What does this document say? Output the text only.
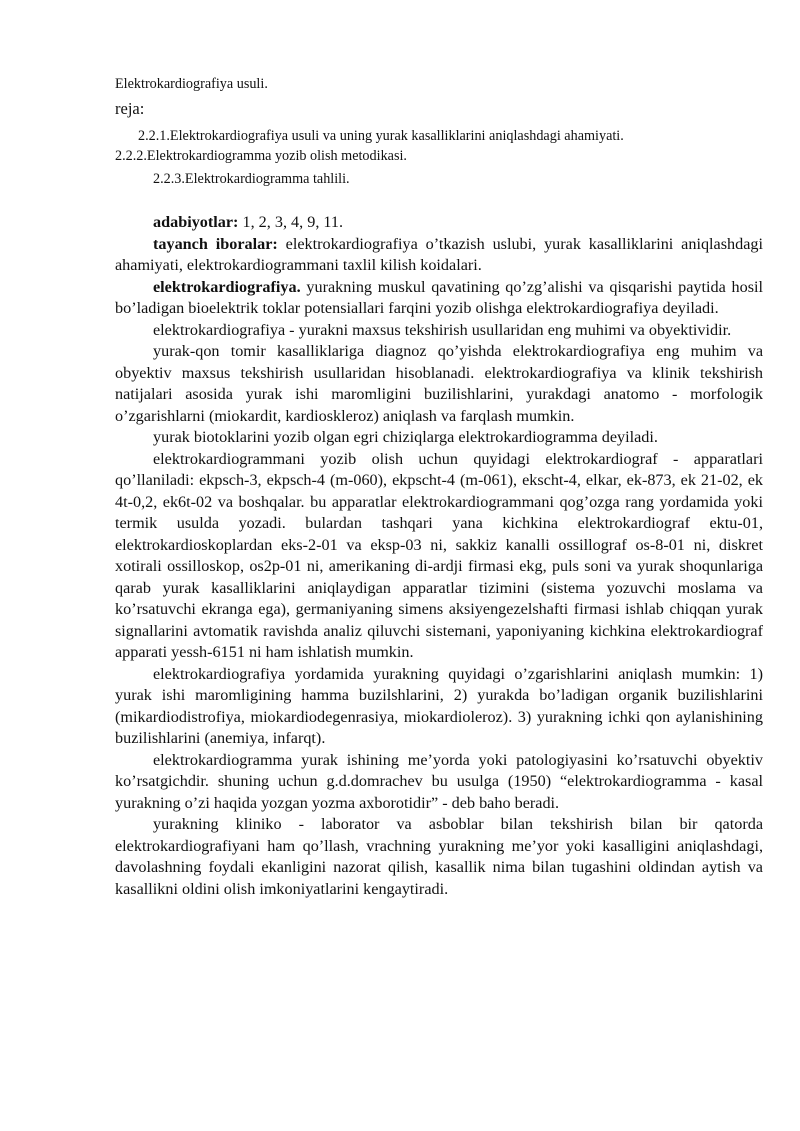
Elektrokardiografiya usuli.

reja:

2.2.1.Elektrokardiografiya usuli va uning yurak kasalliklarini aniqlashdagi ahamiyati.

2.2.2.Elektrokardiogramma yozib olish metodikasi.

2.2.3.Elektrokardiogramma tahlili.

adabiyotlar: 1, 2, 3, 4, 9, 11.

tayanch iboralar: elektrokardiografiya o’tkazish uslubi, yurak kasalliklarini aniqlashdagi ahamiyati, elektrokardiogrammani taxlil kilish koidalari.

elektrokardiografiya. yurakning muskul qavatining qo’zg’alishi va qisqarishi paytida hosil bo’ladigan bioelektrik toklar potensiallari farqini yozib olishga elektrokardiografiya deyiladi.

elektrokardiografiya - yurakni maxsus tekshirish usullaridan eng muhimi va obyektividir.

yurak-qon tomir kasalliklariga diagnoz qo’yishda elektrokardiografiya eng muhim va obyektiv maxsus tekshirish usullaridan hisoblanadi. elektrokardiografiya va klinik tekshirish natijalari asosida yurak ishi maromligini buzilishlarini, yurakdagi anatomo - morfologik o’zgarishlarni (miokardit, kardioskleroz) aniqlash va farqlash mumkin.

yurak biotoklarini yozib olgan egri chiziqlarga elektrokardiogramma deyiladi.

elektrokardiogrammani yozib olish uchun quyidagi elektrokardiograf - apparatlari qo’llaniladi: ekpsch-3, ekpsch-4 (m-060), ekpscht-4 (m-061), ekscht-4, elkar, ek-873, ek 21-02, ek 4t-0,2, ek6t-02 va boshqalar. bu apparatlar elektrokardiogrammani qog’ozga rang yordamida yoki termik usulda yozadi. bulardan tashqari yana kichkina elektrokardiograf ektu-01, elektrokardioskoplardan eks-2-01 va eksp-03 ni, sakkiz kanalli ossillograf os-8-01 ni, diskret xotirali ossilloskop, os2p-01 ni, amerikaning di-ardji firmasi ekg, puls soni va yurak shoqunlariga qarab yurak kasalliklarini aniqlaydigan apparatlar tizimini (sistema yozuvchi moslama va ko’rsatuvchi ekranga ega), germaniyaning simens aksiyengezelshafti firmasi ishlab chiqqan yurak signallarini avtomatik ravishda analiz qiluvchi sistemani, yaponiyaning kichkina elektrokardiograf apparati yessh-6151 ni ham ishlatish mumkin.

elektrokardiografiya yordamida yurakning quyidagi o’zgarishlarini aniqlash mumkin: 1) yurak ishi maromligining hamma buzilshlarini, 2) yurakda bo’ladigan organik buzilishlarini (mikardiodistrofiya, miokardiodegenrasiya, miokardioleroz). 3) yurakning ichki qon aylanishining buzilishlarini (anemiya, infarqt).

elektrokardiogramma yurak ishining me’yorda yoki patologiyasini ko’rsatuvchi obyektiv ko’rsatgichdir. shuning uchun g.d.domrachev bu usulga (1950) “elektrokardiogramma - kasal yurakning o’zi haqida yozgan yozma axborotidir” - deb baho beradi.

yurakning kliniko - laborator va asboblar bilan tekshirish bilan bir qatorda elektrokardiografiyani ham qo’llash, vrachning yurakning me’yor yoki kasalligini aniqlashdagi, davolashning foydali ekanligini nazorat qilish, kasallik nima bilan tugashini oldindan aytish va kasallikni oldini olish imkoniyatlarini kengaytiradi.
